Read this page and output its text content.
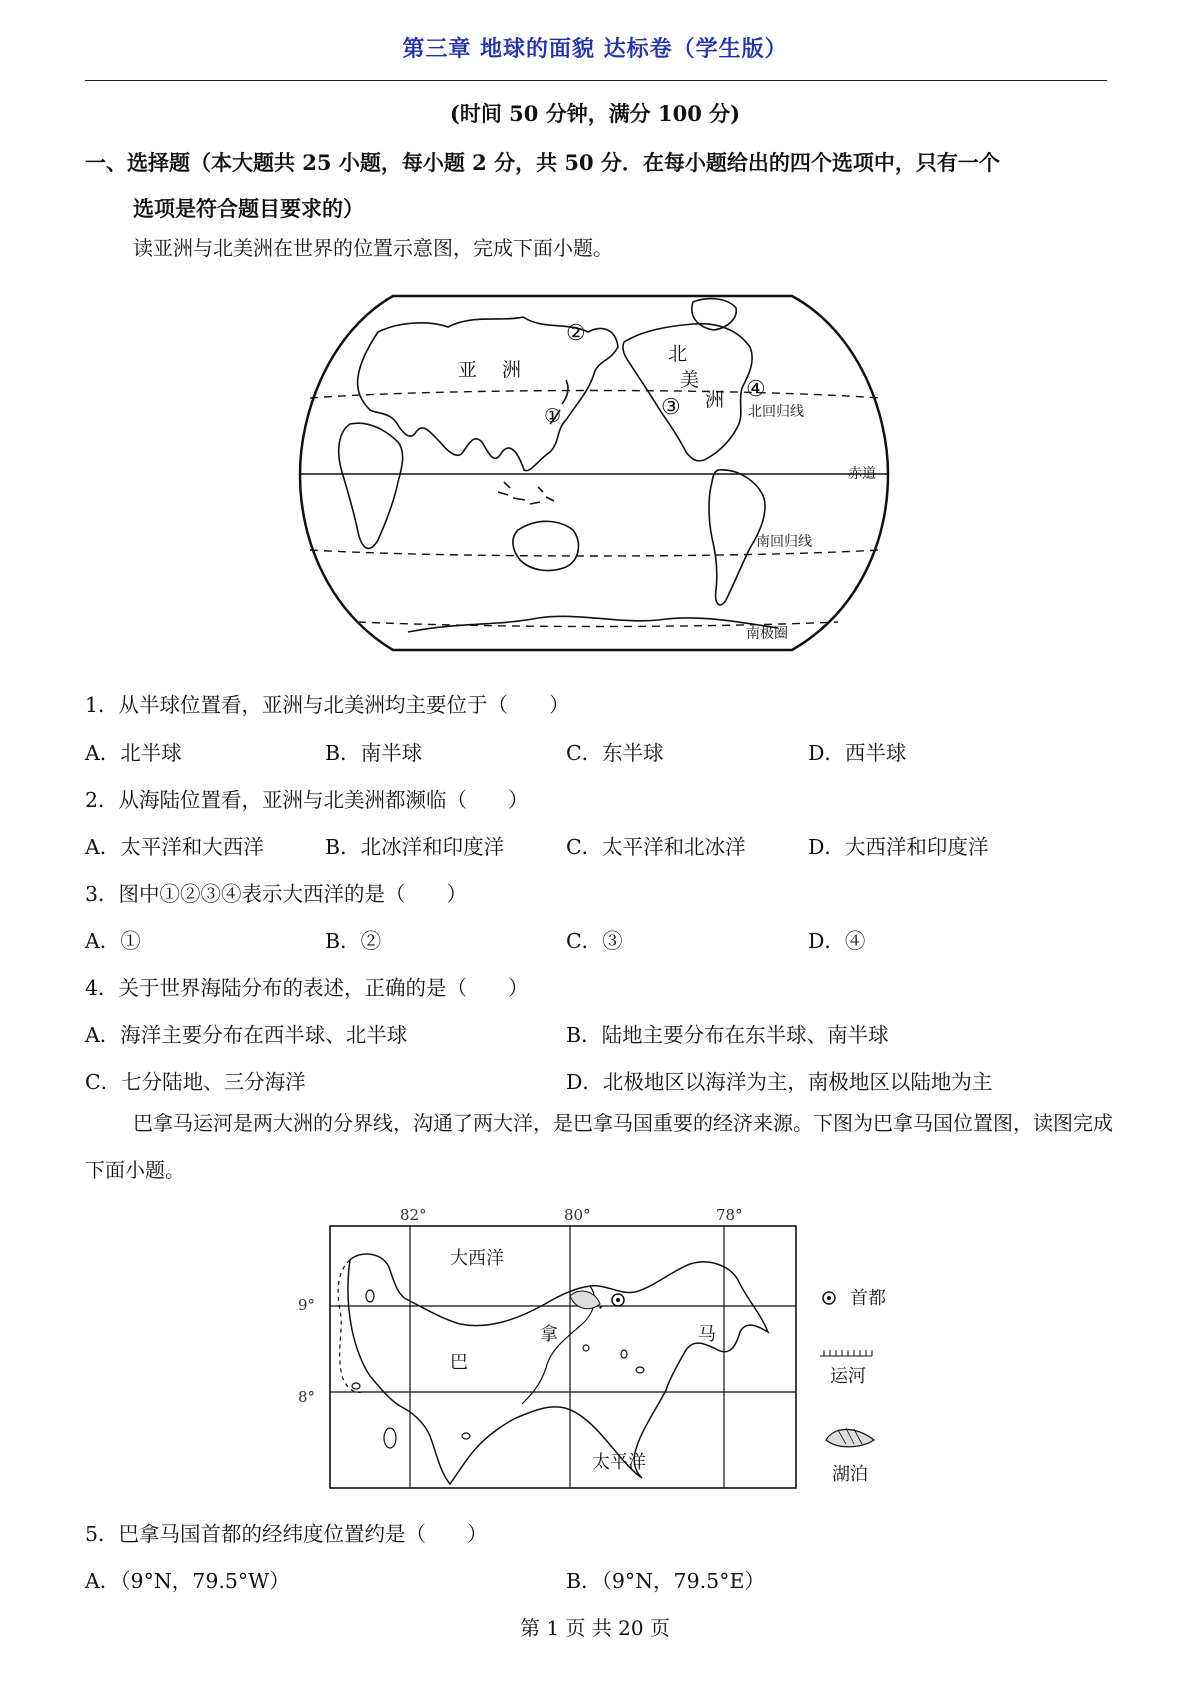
第三章 地球的面貌 达标卷（学生版）
(时间 50 分钟，满分 100 分)
一、选择题（本大题共 25 小题，每小题 2 分，共 50 分．在每小题给出的四个选项中，只有一个
选项是符合题目要求的）
读亚洲与北美洲在世界的位置示意图，完成下面小题。
亚 洲
北
美
洲
①
②
③
④
北回归线
赤道
南回归线
南极圈
1．从半球位置看，亚洲与北美洲均主要位于（　　）
A．北半球	B．南半球	C．东半球	D．西半球
2．从海陆位置看，亚洲与北美洲都濒临（　　）
A．太平洋和大西洋	B．北冰洋和印度洋	C．太平洋和北冰洋	D．大西洋和印度洋
3．图中①②③④表示大西洋的是（　　）
A．①	B．②	C．③	D．④
4．关于世界海陆分布的表述，正确的是（　　）
A．海洋主要分布在西半球、北半球	B．陆地主要分布在东半球、南半球
C．七分陆地、三分海洋	D．北极地区以海洋为主，南极地区以陆地为主
巴拿马运河是两大洲的分界线，沟通了两大洋，是巴拿马国重要的经济来源。下图为巴拿马国位置图，读图完成下面小题。
82°	80°	78°
9°
8°
大西洋
太平洋
巴
拿	马
首都
运河
湖泊
5．巴拿马国首都的经纬度位置约是（　　）
A．（9°N，79.5°W）	B．（9°N，79.5°E）
第 1 页 共 20 页
